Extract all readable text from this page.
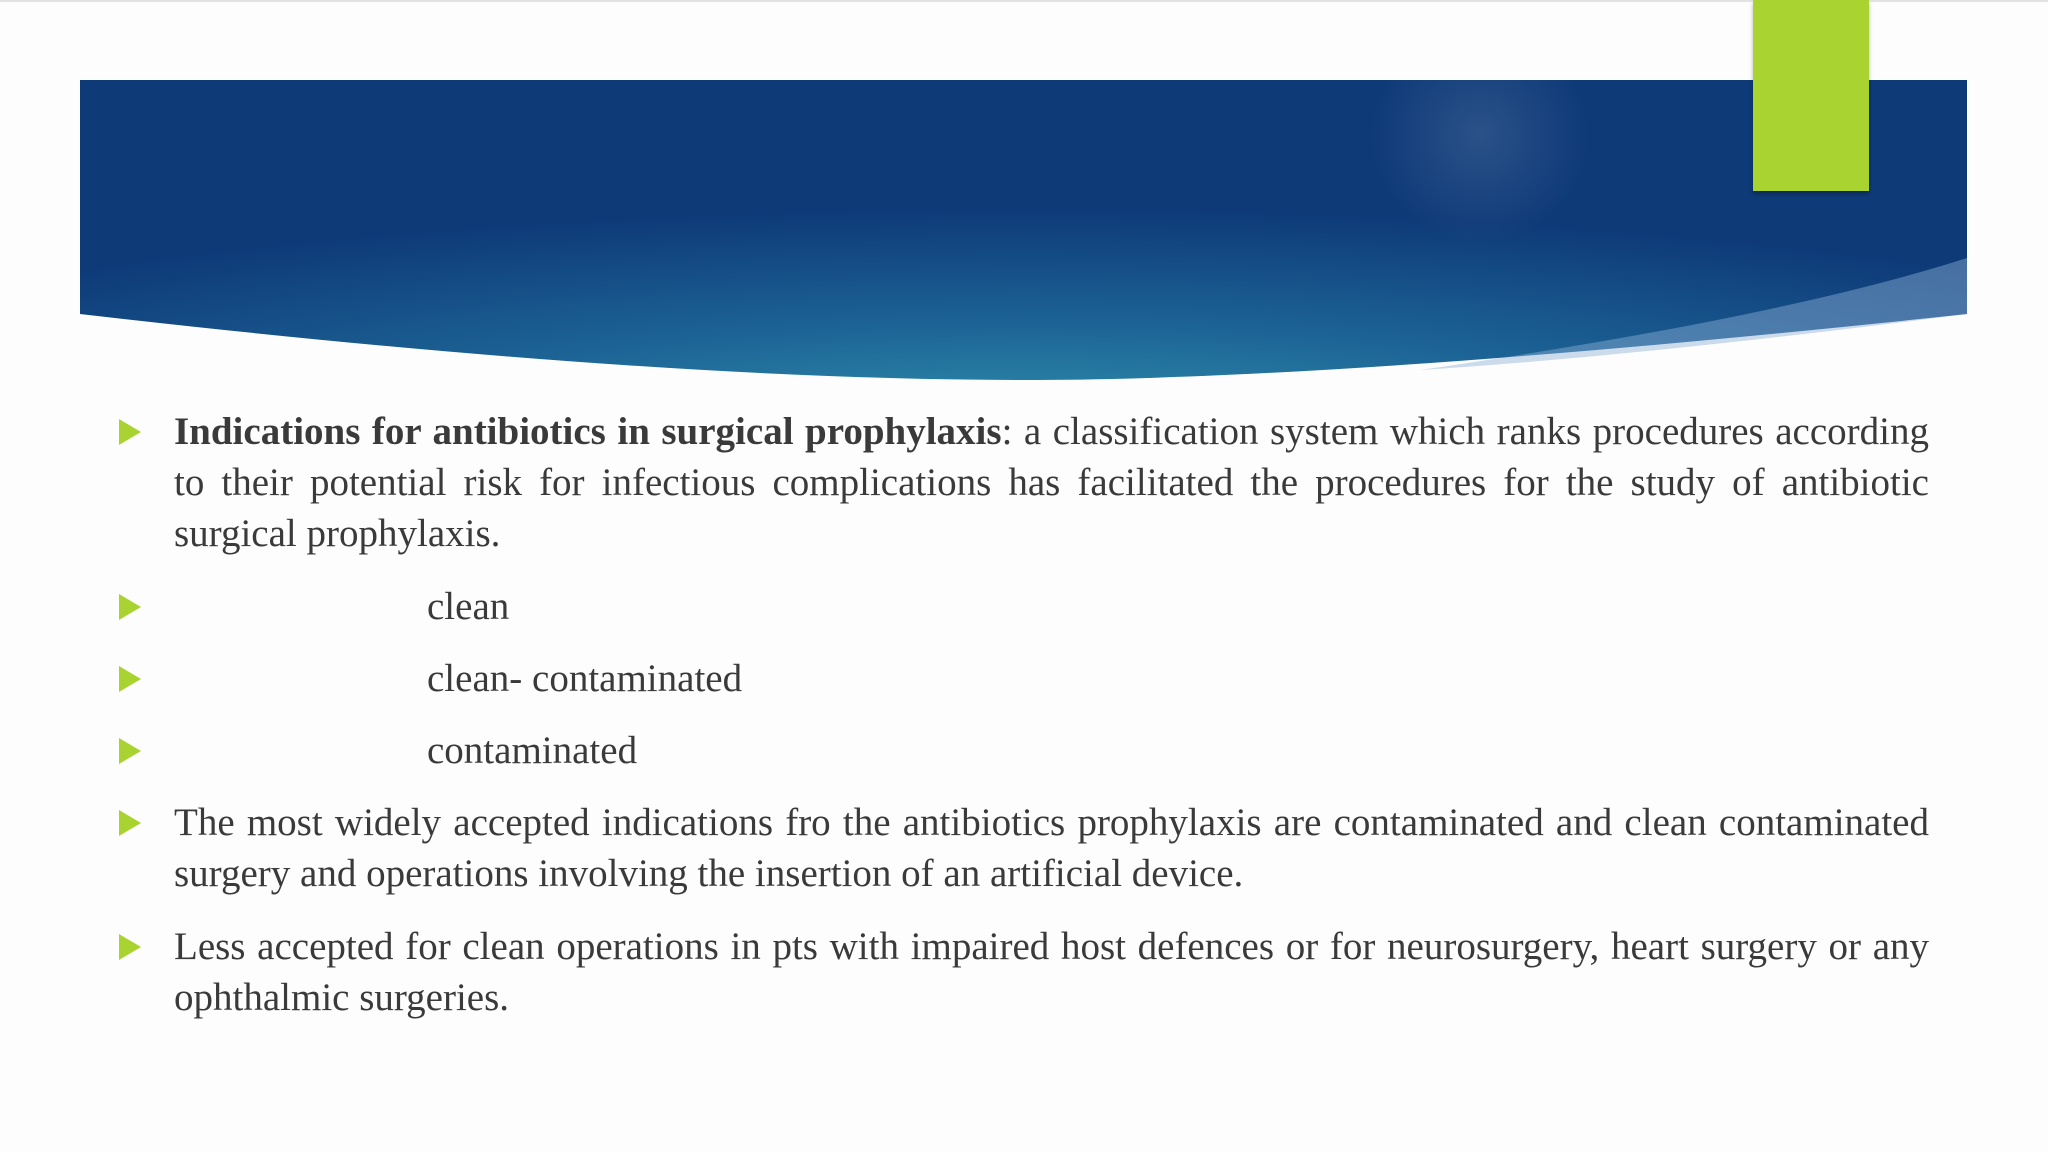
Indications for antibiotics in surgical prophylaxis: a classification system which ranks procedures according to their potential risk for infectious complications has facilitated the procedures for the study of antibiotic surgical prophylaxis.
clean
clean- contaminated
contaminated
The most widely accepted indications fro the antibiotics prophylaxis are contaminated and clean contaminated surgery and operations involving the insertion of an artificial device.
Less accepted for clean operations in pts with impaired host defences or for neurosurgery, heart surgery or any ophthalmic surgeries.
